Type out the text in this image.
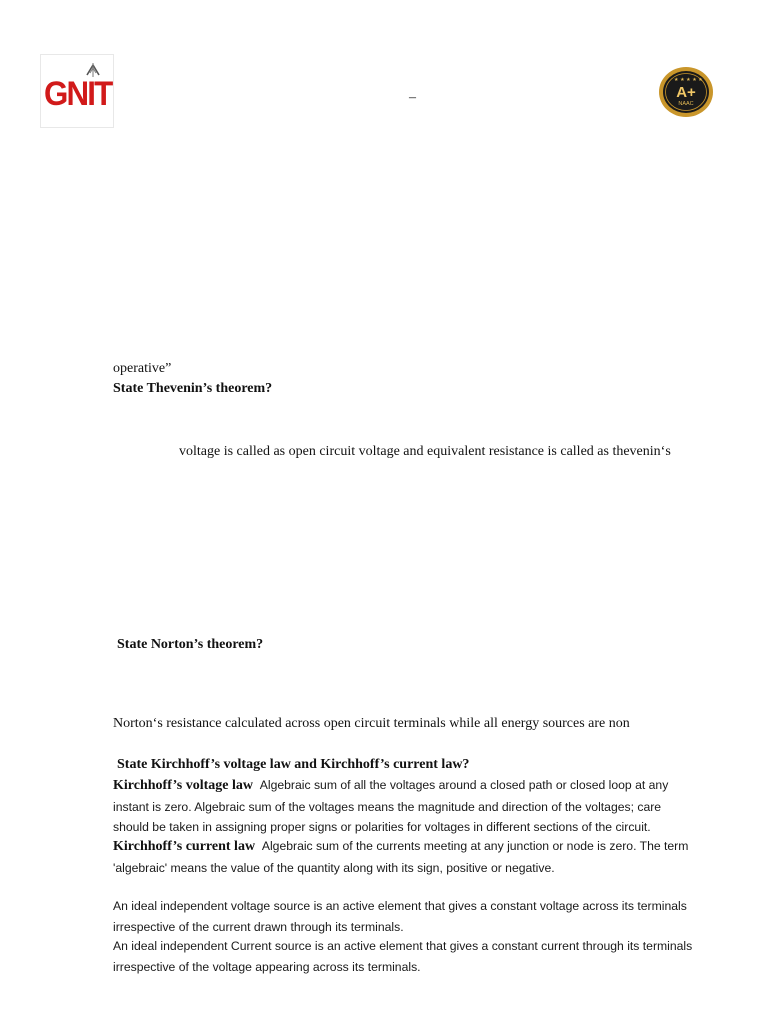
GNIT	–
★ ★ ★ ★ ★
A+
NAAC
operative”
State Thevenin’s theorem?
voltage is called as open circuit voltage and equivalent resistance is called as thevenin‘s
State Norton’s theorem?
Norton‘s resistance calculated across open circuit terminals while all energy sources are non
State Kirchhoff’s voltage law and Kirchhoff’s current law?
Kirchhoff’s voltage law Algebraic sum of all the voltages around a closed path or closed loop at any
instant is zero. Algebraic sum of the voltages means the magnitude and direction of the voltages; care
should be taken in assigning proper signs or polarities for voltages in different sections of the circuit.
Kirchhoff’s current law Algebraic sum of the currents meeting at any junction or node is zero. The term
'algebraic' means the value of the quantity along with its sign, positive or negative.
An ideal independent voltage source is an active element that gives a constant voltage across its terminals
irrespective of the current drawn through its terminals.
An ideal independent Current source is an active element that gives a constant current through its terminals
irrespective of the voltage appearing across its terminals.
